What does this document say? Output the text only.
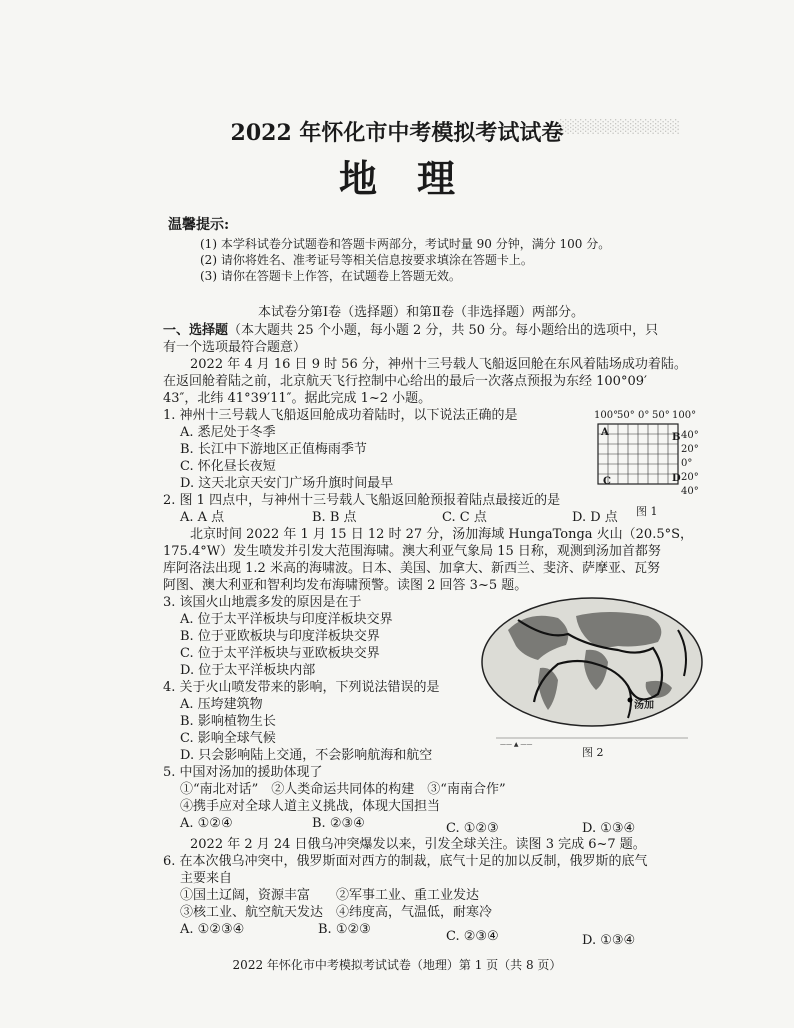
░░░░░░░░░░░░
2022 年怀化市中考模拟考试试卷
地理
温馨提示:
(1) 本学科试卷分试题卷和答题卡两部分，考试时量 90 分钟，满分 100 分。
(2) 请你将姓名、准考证号等相关信息按要求填涂在答题卡上。
(3) 请你在答题卡上作答，在试题卷上答题无效。
本试卷分第Ⅰ卷（选择题）和第Ⅱ卷（非选择题）两部分。
一、选择题（本大题共 25 个小题，每小题 2 分，共 50 分。每小题给出的选项中，只
有一个选项最符合题意）
2022 年 4 月 16 日 9 时 56 分，神州十三号载人飞船返回舱在东风着陆场成功着陆。
在返回舱着陆之前，北京航天飞行控制中心给出的最后一次落点预报为东经 100°09′
43″，北纬 41°39′11″。据此完成 1~2 小题。
1. 神州十三号载人飞船返回舱成功着陆时，以下说法正确的是
A. 悉尼处于冬季
B. 长江中下游地区正值梅雨季节
C. 怀化昼长夜短
D. 这天北京天安门广场升旗时间最早
100°
50° 0° 50° 100°
40°
20°
0°
20°
40°
A	B
C	D
图 1
2. 图 1 四点中，与神州十三号载人飞船返回舱预报着陆点最接近的是
A. A 点	B. B 点	C. C 点	D. D 点
北京时间 2022 年 1 月 15 日 12 时 27 分，汤加海域 HungaTonga 火山（20.5°S，
175.4°W）发生喷发并引发大范围海啸。澳大利亚气象局 15 日称，观测到汤加首都努
库阿洛法出现 1.2 米高的海啸波。日本、美国、加拿大、新西兰、斐济、萨摩亚、瓦努
阿图、澳大利亚和智利均发布海啸预警。读图 2 回答 3~5 题。
3. 该国火山地震多发的原因是在于
A. 位于太平洋板块与印度洋板块交界
B. 位于亚欧板块与印度洋板块交界
C. 位于太平洋板块与亚欧板块交界
D. 位于太平洋板块内部
—— ▲ ——
汤加
图 2
4. 关于火山喷发带来的影响，下列说法错误的是
A. 压垮建筑物
B. 影响植物生长
C. 影响全球气候
D. 只会影响陆上交通，不会影响航海和航空
5. 中国对汤加的援助体现了
①“南北对话”　②人类命运共同体的构建　③“南南合作”
④携手应对全球人道主义挑战，体现大国担当
A. ①②④	B. ②③④	C. ①②③	D. ①③④
2022 年 2 月 24 日俄乌冲突爆发以来，引发全球关注。读图 3 完成 6~7 题。
6. 在本次俄乌冲突中，俄罗斯面对西方的制裁，底气十足的加以反制，俄罗斯的底气
主要来自
①国土辽阔，资源丰富　　②军事工业、重工业发达
③核工业、航空航天发达　④纬度高，气温低，耐寒冷
A. ①②③④	B. ①②③	C. ②③④	D. ①③④
2022 年怀化市中考模拟考试试卷（地理）第 1 页（共 8 页）
